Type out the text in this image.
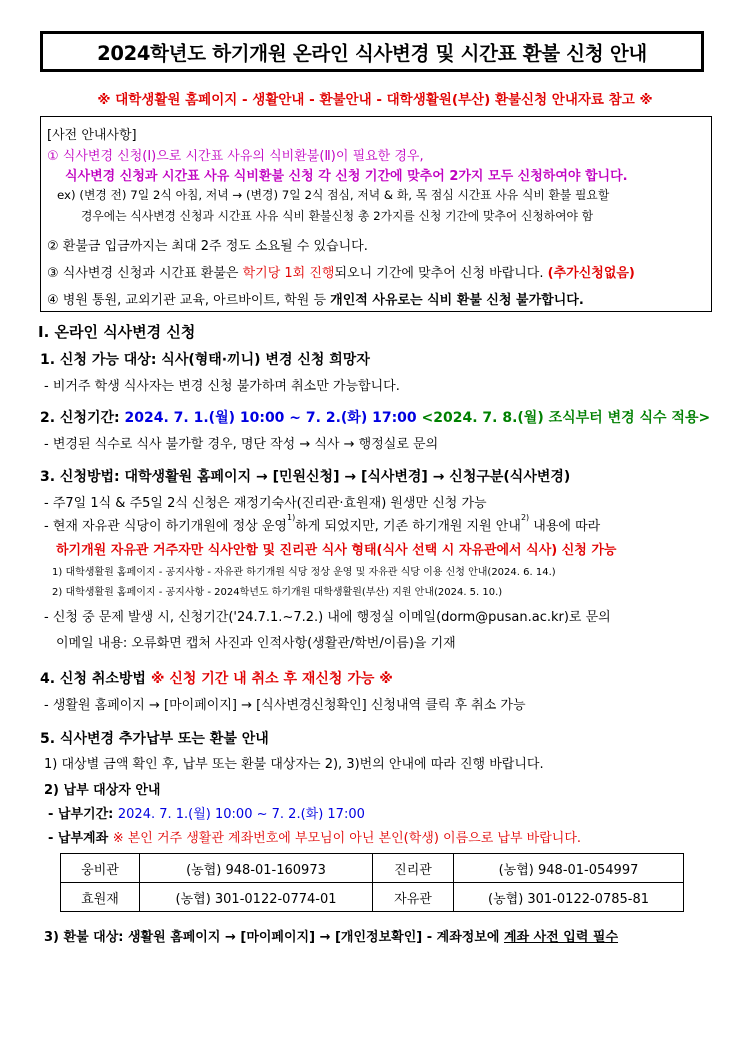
2024학년도 하기개원 온라인 식사변경 및 시간표 환불 신청 안내
※ 대학생활원 홈페이지 - 생활안내 - 환불안내 - 대학생활원(부산) 환불신청 안내자료 참고 ※
[사전 안내사항]
① 식사변경 신청(Ⅰ)으로 시간표 사유의 식비환불(Ⅱ)이 필요한 경우,
식사변경 신청과 시간표 사유 식비환불 신청 각 신청 기간에 맞추어 2가지 모두 신청하여야 합니다.
ex) (변경 전) 7일 2식 아침, 저녁 → (변경) 7일 2식 점심, 저녁 & 화, 목 점심 시간표 사유 식비 환불 필요할
경우에는 식사변경 신청과 시간표 사유 식비 환불신청 총 2가지를 신청 기간에 맞추어 신청하여야 함
② 환불금 입금까지는 최대 2주 정도 소요될 수 있습니다.
③ 식사변경 신청과 시간표 환불은 학기당 1회 진행되오니 기간에 맞추어 신청 바랍니다. (추가신청없음)
④ 병원 통원, 교외기관 교육, 아르바이트, 학원 등 개인적 사유로는 식비 환불 신청 불가합니다.
Ⅰ. 온라인 식사변경 신청
1. 신청 가능 대상: 식사(형태·끼니) 변경 신청 희망자
- 비거주 학생 식사자는 변경 신청 불가하며 취소만 가능합니다.
2. 신청기간: 2024. 7. 1.(월) 10:00 ~ 7. 2.(화) 17:00 <2024. 7. 8.(월) 조식부터 변경 식수 적용>
- 변경된 식수로 식사 불가할 경우, 명단 작성 → 식사 → 행정실로 문의
3. 신청방법: 대학생활원 홈페이지 → [민원신청] → [식사변경] → 신청구분(식사변경)
- 주7일 1식 & 주5일 2식 신청은 재정기숙사(진리관·효원재) 원생만 신청 가능
- 현재 자유관 식당이 하기개원에 정상 운영$^{1)}$하게 되었지만, 기존 하기개원 지원 안내$^{2)}$ 내용에 따라
하기개원 자유관 거주자만 식사안함 및 진리관 식사 형태(식사 선택 시 자유관에서 식사) 신청 가능
1) 대학생활원 홈페이지 - 공지사항 - 자유관 하기개원 식당 정상 운영 및 자유관 식당 이용 신청 안내(2024. 6. 14.)
2) 대학생활원 홈페이지 - 공지사항 - 2024학년도 하기개원 대학생활원(부산) 지원 안내(2024. 5. 10.)
- 신청 중 문제 발생 시, 신청기간('24.7.1.~7.2.) 내에 행정실 이메일(dorm@pusan.ac.kr)로 문의
이메일 내용: 오류화면 캡처 사진과 인적사항(생활관/학번/이름)을 기재
4. 신청 취소방법 ※ 신청 기간 내 취소 후 재신청 가능 ※
- 생활원 홈페이지 → [마이페이지] → [식사변경신청확인] 신청내역 클릭 후 취소 가능
5. 식사변경 추가납부 또는 환불 안내
1) 대상별 금액 확인 후, 납부 또는 환불 대상자는 2), 3)번의 안내에 따라 진행 바랍니다.
2) 납부 대상자 안내
- 납부기간: 2024. 7. 1.(월) 10:00 ~ 7. 2.(화) 17:00
- 납부계좌 ※ 본인 거주 생활관 계좌번호에 부모님이 아닌 본인(학생) 이름으로 납부 바랍니다.
웅비관	(농협) 948-01-160973	진리관	(농협) 948-01-054997
효원재	(농협) 301-0122-0774-01	자유관	(농협) 301-0122-0785-81
3) 환불 대상: 생활원 홈페이지 → [마이페이지] → [개인정보확인] - 계좌정보에 계좌 사전 입력 필수
